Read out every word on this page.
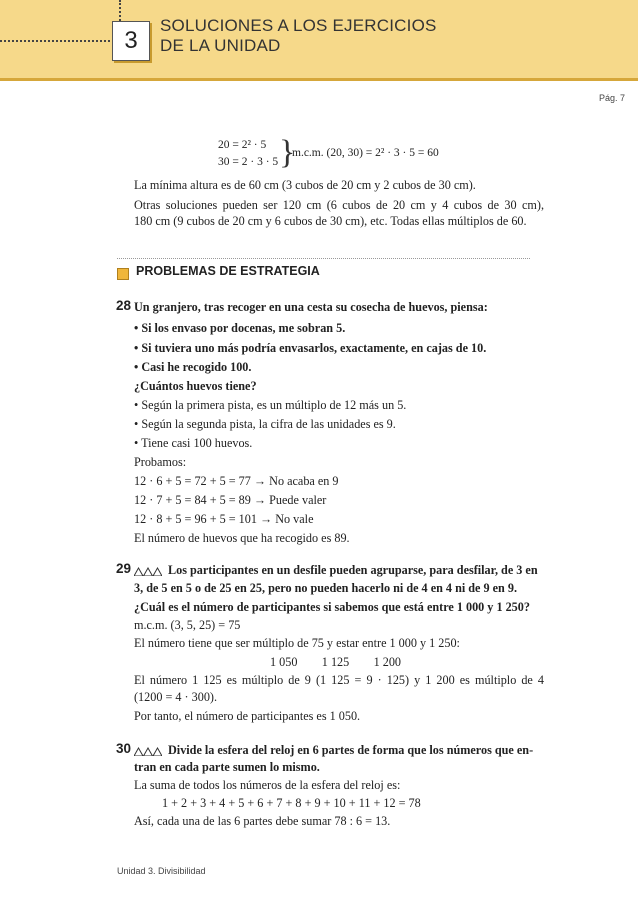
3
SOLUCIONES A LOS EJERCICIOS
DE LA UNIDAD
Pág. 7
20 = 2² · 5
30 = 2 · 3 · 5 }
m.c.m. (20, 30) = 2² · 3 · 5 = 60
La mínima altura es de 60 cm (3 cubos de 20 cm y 2 cubos de 30 cm).
Otras soluciones pueden ser 120 cm (6 cubos de 20 cm y 4 cubos de 30 cm),
180 cm (9 cubos de 20 cm y 6 cubos de 30 cm), etc. Todas ellas múltiplos de 60.
PROBLEMAS DE ESTRATEGIA
28 Un granjero, tras recoger en una cesta su cosecha de huevos, piensa:
• Si los envaso por docenas, me sobran 5.
• Si tuviera uno más podría envasarlos, exactamente, en cajas de 10.
• Casi he recogido 100.
¿Cuántos huevos tiene?
• Según la primera pista, es un múltiplo de 12 más un 5.
• Según la segunda pista, la cifra de las unidades es 9.
• Tiene casi 100 huevos.
Probamos:
12 · 6 + 5 = 72 + 5 = 77 → No acaba en 9
12 · 7 + 5 = 84 + 5 = 89 → Puede valer
12 · 8 + 5 = 96 + 5 = 101 → No vale
El número de huevos que ha recogido es 89.
29	Los participantes en un desfile pueden agruparse, para desfilar, de 3 en
3, de 5 en 5 o de 25 en 25, pero no pueden hacerlo ni de 4 en 4 ni de 9 en 9.
¿Cuál es el número de participantes si sabemos que está entre 1 000 y 1 250?
m.c.m. (3, 5, 25) = 75
El número tiene que ser múltiplo de 75 y estar entre 1 000 y 1 250:
1 050        1 125        1 200
El número 1 125 es múltiplo de 9 (1 125 = 9 · 125) y 1 200 es múltiplo de 4
(1200 = 4 · 300).
Por tanto, el número de participantes es 1 050.
30	Divide la esfera del reloj en 6 partes de forma que los números que en-
tran en cada parte sumen lo mismo.
La suma de todos los números de la esfera del reloj es:
1 + 2 + 3 + 4 + 5 + 6 + 7 + 8 + 9 + 10 + 11 + 12 = 78
Así, cada una de las 6 partes debe sumar 78 : 6 = 13.
Unidad 3. Divisibilidad
